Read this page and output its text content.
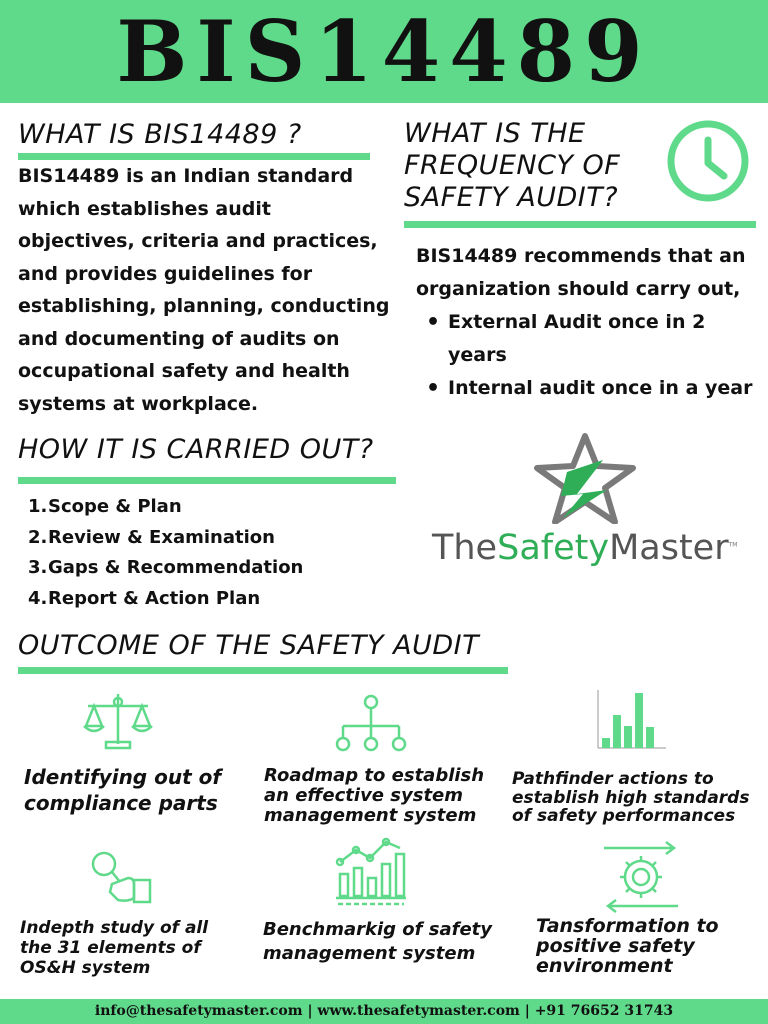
BIS14489
WHAT IS BIS14489 ?
BIS14489 is an Indian standard
which establishes audit
objectives, criteria and practices,
and provides guidelines for
establishing, planning, conducting
and documenting of audits on
occupational safety and health
systems at workplace.
WHAT IS THE
FREQUENCY OF
SAFETY AUDIT?
BIS14489 recommends that an
organization should carry out,
• External Audit once in 2
years
• Internal audit once in a year
HOW IT IS CARRIED OUT?
1. Scope & Plan
2. Review & Examination
3. Gaps & Recommendation
4. Report & Action Plan
TheSafetyMaster™
OUTCOME OF THE SAFETY AUDIT
Identifying out of
compliance parts
Roadmap to establish
an effective system
management system
Pathfinder actions to
establish high standards
of safety performances
Indepth study of all
the 31 elements of
OS&H system
Benchmarkig of safety
management system
Tansformation to
positive safety
environment
info@thesafetymaster.com | www.thesafetymaster.com | +91 76652 31743
